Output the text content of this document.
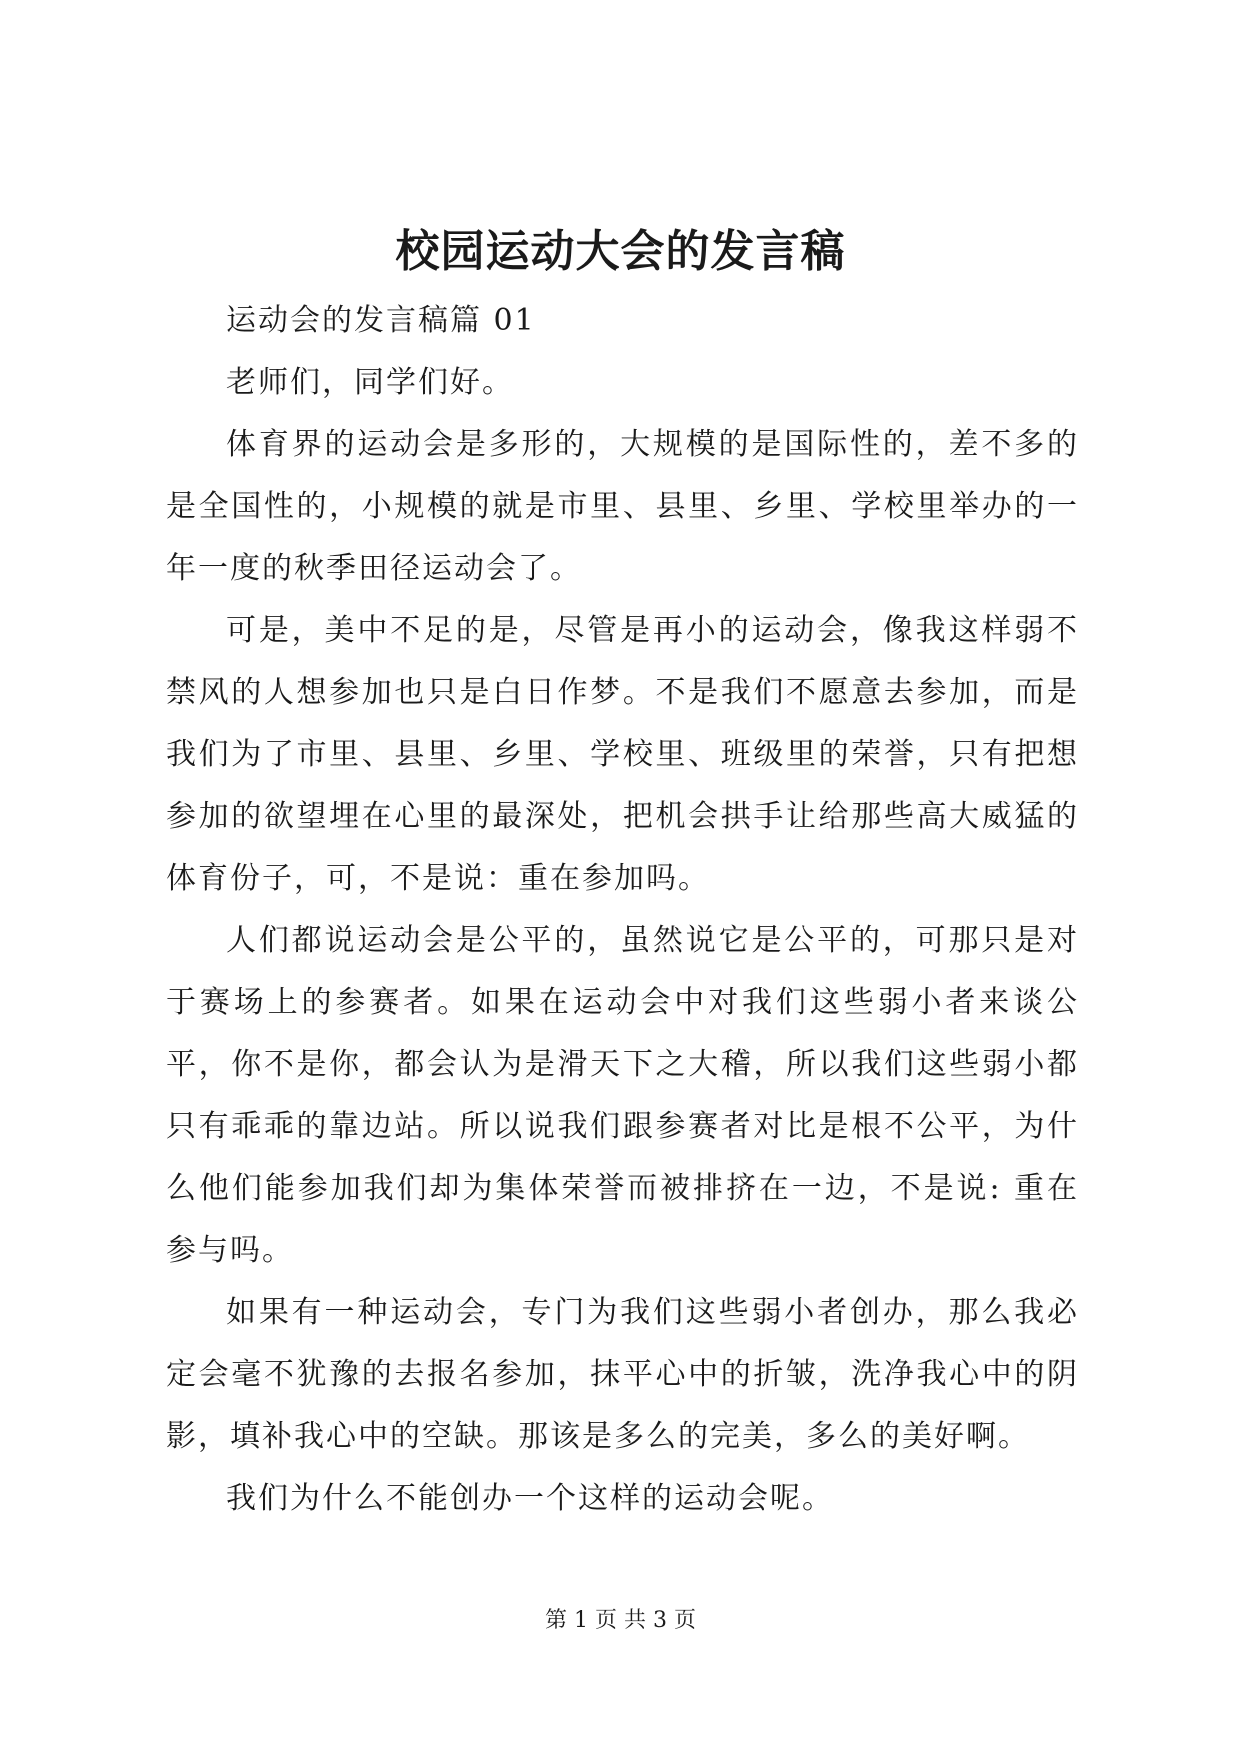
校园运动大会的发言稿

运动会的发言稿篇 01

老师们，同学们好。

体育界的运动会是多形的，大规模的是国际性的，差不多的是全国性的，小规模的就是市里、县里、乡里、学校里举办的一年一度的秋季田径运动会了。

可是，美中不足的是，尽管是再小的运动会，像我这样弱不禁风的人想参加也只是白日作梦。不是我们不愿意去参加，而是我们为了市里、县里、乡里、学校里、班级里的荣誉，只有把想参加的欲望埋在心里的最深处，把机会拱手让给那些高大威猛的体育份子，可，不是说：重在参加吗。

人们都说运动会是公平的，虽然说它是公平的，可那只是对于赛场上的参赛者。如果在运动会中对我们这些弱小者来谈公平，你不是你，都会认为是滑天下之大稽，所以我们这些弱小都只有乖乖的靠边站。所以说我们跟参赛者对比是根不公平，为什么他们能参加我们却为集体荣誉而被排挤在一边，不是说: 重在参与吗。

如果有一种运动会，专门为我们这些弱小者创办，那么我必定会毫不犹豫的去报名参加，抹平心中的折皱，洗净我心中的阴影，填补我心中的空缺。那该是多么的完美，多么的美好啊。

我们为什么不能创办一个这样的运动会呢。

第 1 页 共 3 页
